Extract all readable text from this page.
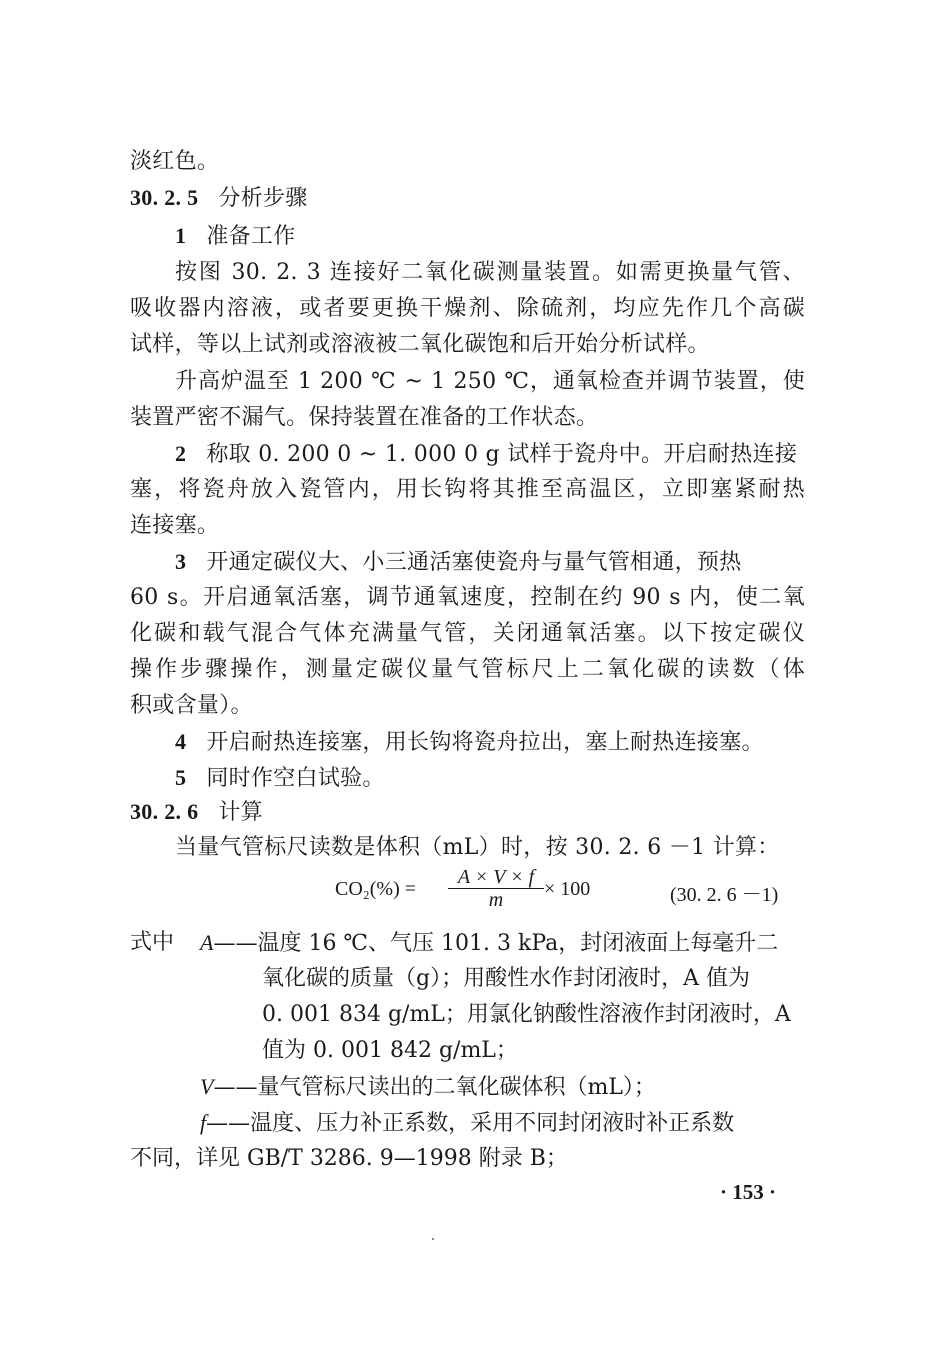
淡红色。
30. 2. 5 分析步骤
1 准备工作
按图 30. 2. 3 连接好二氧化碳测量装置。如需更换量气管、
吸收器内溶液，或者要更换干燥剂、除硫剂，均应先作几个高碳
试样，等以上试剂或溶液被二氧化碳饱和后开始分析试样。
升高炉温至 1 200 ℃ ~ 1 250 ℃，通氧检查并调节装置，使
装置严密不漏气。保持装置在准备的工作状态。
2 称取 0. 200 0 ~ 1. 000 0 g 试样于瓷舟中。开启耐热连接
塞，将瓷舟放入瓷管内，用长钩将其推至高温区，立即塞紧耐热
连接塞。
3 开通定碳仪大、小三通活塞使瓷舟与量气管相通，预热
60 s。开启通氧活塞，调节通氧速度，控制在约 90 s 内，使二氧
化碳和载气混合气体充满量气管，关闭通氧活塞。以下按定碳仪
操作步骤操作，测量定碳仪量气管标尺上二氧化碳的读数（体
积或含量）。
4 开启耐热连接塞，用长钩将瓷舟拉出，塞上耐热连接塞。
5 同时作空白试验。
30. 2. 6 计算
当量气管标尺读数是体积（mL）时，按 30. 2. 6 －1 计算：
$CO_2(\%) = \frac{A \times V \times f}{m} \times 100$	(30. 2. 6 －1)
式中 A——温度 16 ℃、气压 101. 3 kPa，封闭液面上每毫升二
氧化碳的质量（g）；用酸性水作封闭液时，A 值为
0. 001 834 g/mL；用氯化钠酸性溶液作封闭液时，A
值为 0. 001 842 g/mL；
V——量气管标尺读出的二氧化碳体积（mL）；
f——温度、压力补正系数，采用不同封闭液时补正系数
不同，详见 GB/T 3286. 9—1998 附录 B；
· 153 ·
